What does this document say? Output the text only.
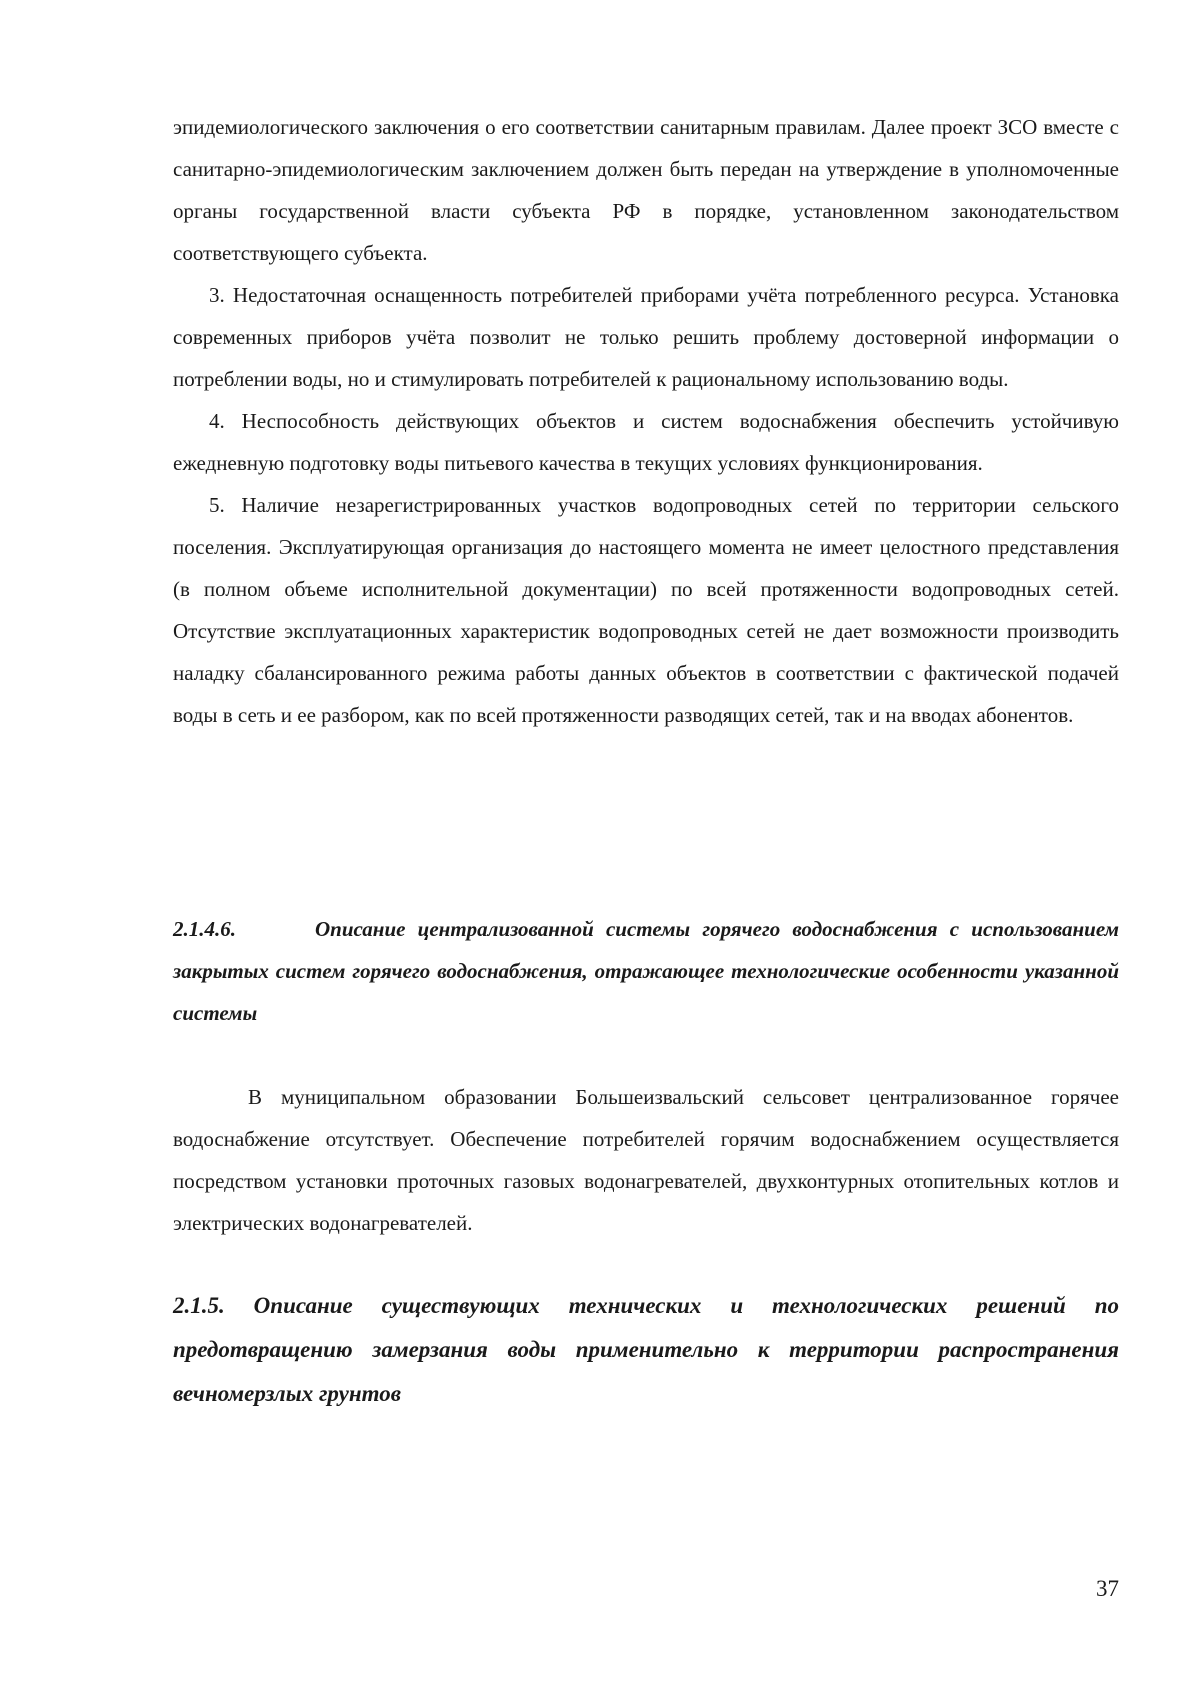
эпидемиологического заключения о его соответствии санитарным правилам. Далее проект ЗСО вместе с санитарно-эпидемиологическим заключением должен быть передан на утверждение в уполномоченные органы государственной власти субъекта РФ в порядке, установленном законодательством соответствующего субъекта.

3. Недостаточная оснащенность потребителей приборами учёта потребленного ресурса. Установка современных приборов учёта позволит не только решить проблему достоверной информации о потреблении воды, но и стимулировать потребителей к рациональному использованию воды.

4. Неспособность действующих объектов и систем водоснабжения обеспечить устойчивую ежедневную подготовку воды питьевого качества в текущих условиях функционирования.

5. Наличие незарегистрированных участков водопроводных сетей по территории сельского поселения. Эксплуатирующая организация до настоящего момента не имеет целостного представления (в полном объеме исполнительной документации) по всей протяженности водопроводных сетей. Отсутствие эксплуатационных характеристик водопроводных сетей не дает возможности производить наладку сбалансированного режима работы данных объектов в соответствии с фактической подачей воды в сеть и ее разбором, как по всей протяженности разводящих сетей, так и на вводах абонентов.

2.1.4.6.	Описание централизованной системы горячего водоснабжения с использованием закрытых систем горячего водоснабжения, отражающее технологические особенности указанной системы

В муниципальном образовании Большеизвальский сельсовет централизованное горячее водоснабжение отсутствует. Обеспечение потребителей горячим водоснабжением осуществляется посредством установки проточных газовых водонагревателей, двухконтурных отопительных котлов и электрических водонагревателей.

2.1.5. Описание существующих технических и технологических решений по предотвращению замерзания воды применительно к территории распространения вечномерзлых грунтов

37
